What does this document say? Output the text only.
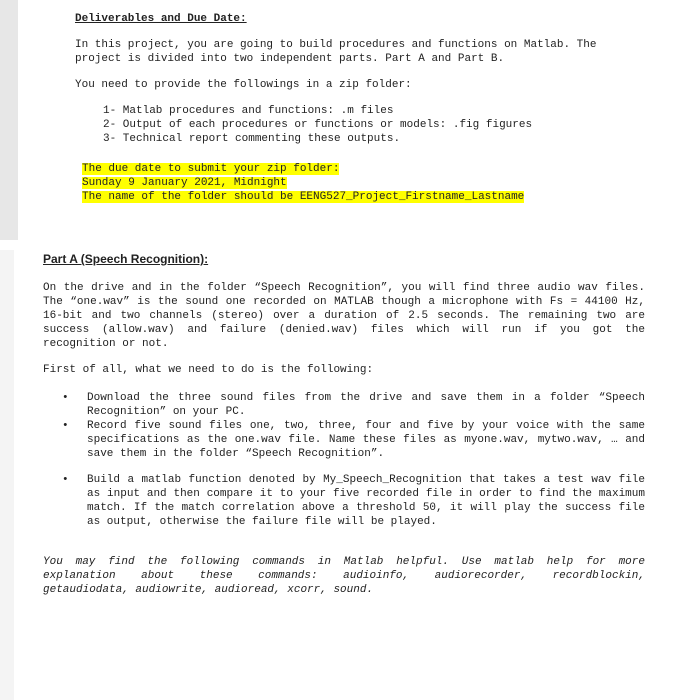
Deliverables and Due Date:

In this project, you are going to build procedures and functions on Matlab. The
project is divided into two independent parts. Part A and Part B.

You need to provide the followings in a zip folder:

1- Matlab procedures and functions: .m files
2- Output of each procedures or functions or models: .fig figures
3- Technical report commenting these outputs.
The due date to submit your zip folder:
Sunday 9 January 2021, Midnight
The name of the folder should be EENG527_Project_Firstname_Lastname
Part A (Speech Recognition):

On the drive and in the folder “Speech Recognition”, you will find three audio wav files. The “one.wav” is the sound one recorded on MATLAB though a microphone with Fs = 44100 Hz, 16-bit and two channels (stereo) over a duration of 2.5 seconds. The remaining two are success (allow.wav) and failure (denied.wav) files which will run if you got the recognition or not.

First of all, what we need to do is the following:

• Download the three sound files from the drive and save them in a folder “Speech Recognition” on your PC.
• Record five sound files one, two, three, four and five by your voice with the same specifications as the one.wav file. Name these files as myone.wav, mytwo.wav, … and save them in the folder “Speech Recognition”.
• Build a matlab function denoted by My_Speech_Recognition that takes a test wav file as input and then compare it to your five recorded file in order to find the maximum match. If the match correlation above a threshold 50, it will play the success file as output, otherwise the failure file will be played.
You may find the following commands in Matlab helpful. Use matlab help for more
explanation about these commands: audioinfo, audiorecorder, recordblockin,
getaudiodata, audiowrite, audioread, xcorr, sound.
